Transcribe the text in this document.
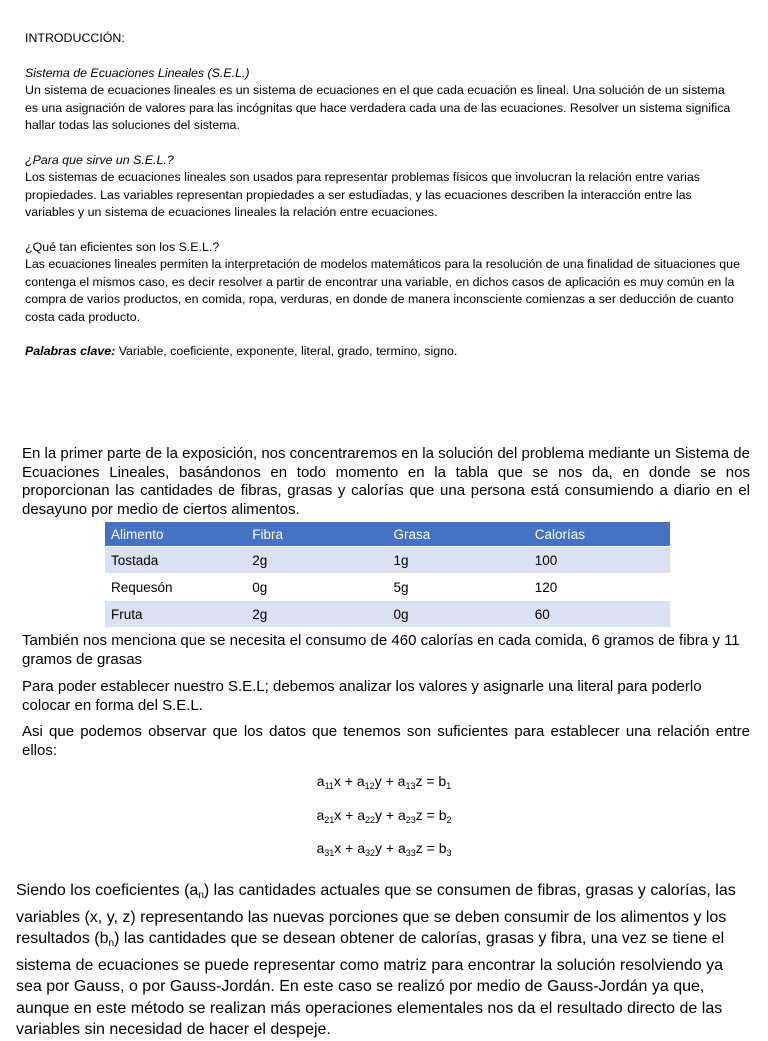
INTRODUCCIÓN:

Sistema de Ecuaciones Lineales (S.E.L.)

Un sistema de ecuaciones lineales es un sistema de ecuaciones en el que cada ecuación es lineal. Una solución de un sistema es una asignación de valores para las incógnitas que hace verdadera cada una de las ecuaciones. Resolver un sistema significa hallar todas las soluciones del sistema.

¿Para que sirve un S.E.L.?

Los sistemas de ecuaciones lineales son usados para representar problemas físicos que involucran la relación entre varias propiedades. Las variables representan propiedades a ser estudiadas, y las ecuaciones describen la interacción entre las variables y un sistema de ecuaciones lineales la relación entre ecuaciones.

¿Qué tan eficientes son los S.E.L.?

Las ecuaciones lineales permiten la interpretación de modelos matemáticos para la resolución de una finalidad de situaciones que contenga el mismos caso, es decir resolver a partir de encontrar una variable, en dichos casos de aplicación es muy común en la compra de varios productos, en comida, ropa, verduras, en donde de manera inconsciente comienzas a ser deducción de cuanto costa cada producto.

Palabras clave: Variable, coeficiente, exponente, literal, grado, termino, signo.

En la primer parte de la exposición, nos concentraremos en la solución del problema mediante un Sistema de Ecuaciones Lineales, basándonos en todo momento en la tabla que se nos da, en donde se nos proporcionan las cantidades de fibras, grasas y calorías que una persona está consumiendo a diario en el desayuno por medio de ciertos alimentos.

Alimento	Fibra	Grasa	Calorías
Tostada	2g	1g	100
Requesón	0g	5g	120
Fruta	2g	0g	60

También nos menciona que se necesita el consumo de 460 calorías en cada comida, 6 gramos de fibra y 11 gramos de grasas

Para poder establecer nuestro S.E.L; debemos analizar los valores y asignarle una literal para poderlo colocar en forma del S.E.L.

Asi que podemos observar que los datos que tenemos son suficientes para establecer una relación entre ellos:

$a_{11}x + a_{12}y + a_{13}z = b_1$
$a_{21}x + a_{22}y + a_{23}z = b_2$
$a_{31}x + a_{32}y + a_{33}z = b_3$

Siendo los coeficientes $(a_n)$ las cantidades actuales que se consumen de fibras, grasas y calorías, las variables (x, y, z) representando las nuevas porciones que se deben consumir de los alimentos y los resultados $(b_n)$ las cantidades que se desean obtener de calorías, grasas y fibra, una vez se tiene el sistema de ecuaciones se puede representar como matriz para encontrar la solución resolviendo ya sea por Gauss, o por Gauss-Jordán. En este caso se realizó por medio de Gauss-Jordán ya que, aunque en este método se realizan más operaciones elementales nos da el resultado directo de las variables sin necesidad de hacer el despeje.
